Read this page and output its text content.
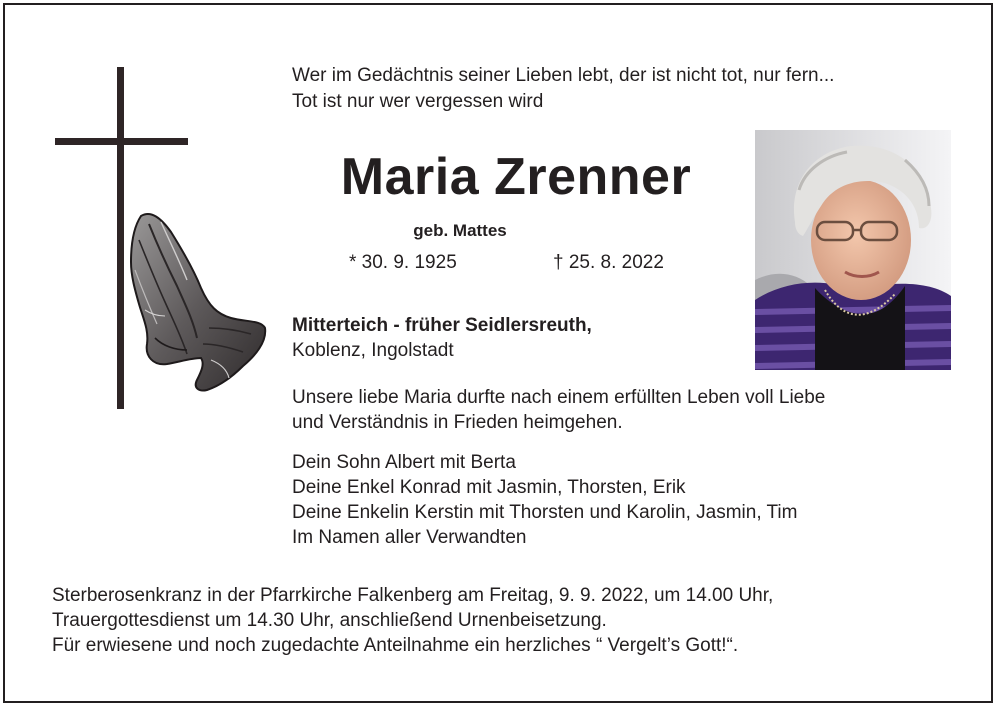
Wer im Gedächtnis seiner Lieben lebt, der ist nicht tot, nur fern...
Tot ist nur wer vergessen wird
Maria Zrenner
geb. Mattes
* 30. 9. 1925	† 25. 8. 2022
Mitterteich - früher Seidlersreuth,
Koblenz, Ingolstadt
Unsere liebe Maria durfte nach einem erfüllten Leben voll Liebe
und Verständnis in Frieden heimgehen.
Dein Sohn Albert mit Berta
Deine Enkel Konrad mit Jasmin, Thorsten, Erik
Deine Enkelin Kerstin mit Thorsten und Karolin, Jasmin, Tim
Im Namen aller Verwandten
Sterberosenkranz in der Pfarrkirche Falkenberg am Freitag, 9. 9. 2022, um 14.00 Uhr,
Trauergottesdienst um 14.30 Uhr, anschließend Urnenbeisetzung.
Für erwiesene und noch zugedachte Anteilnahme ein herzliches “ Vergelt’s Gott!“.
